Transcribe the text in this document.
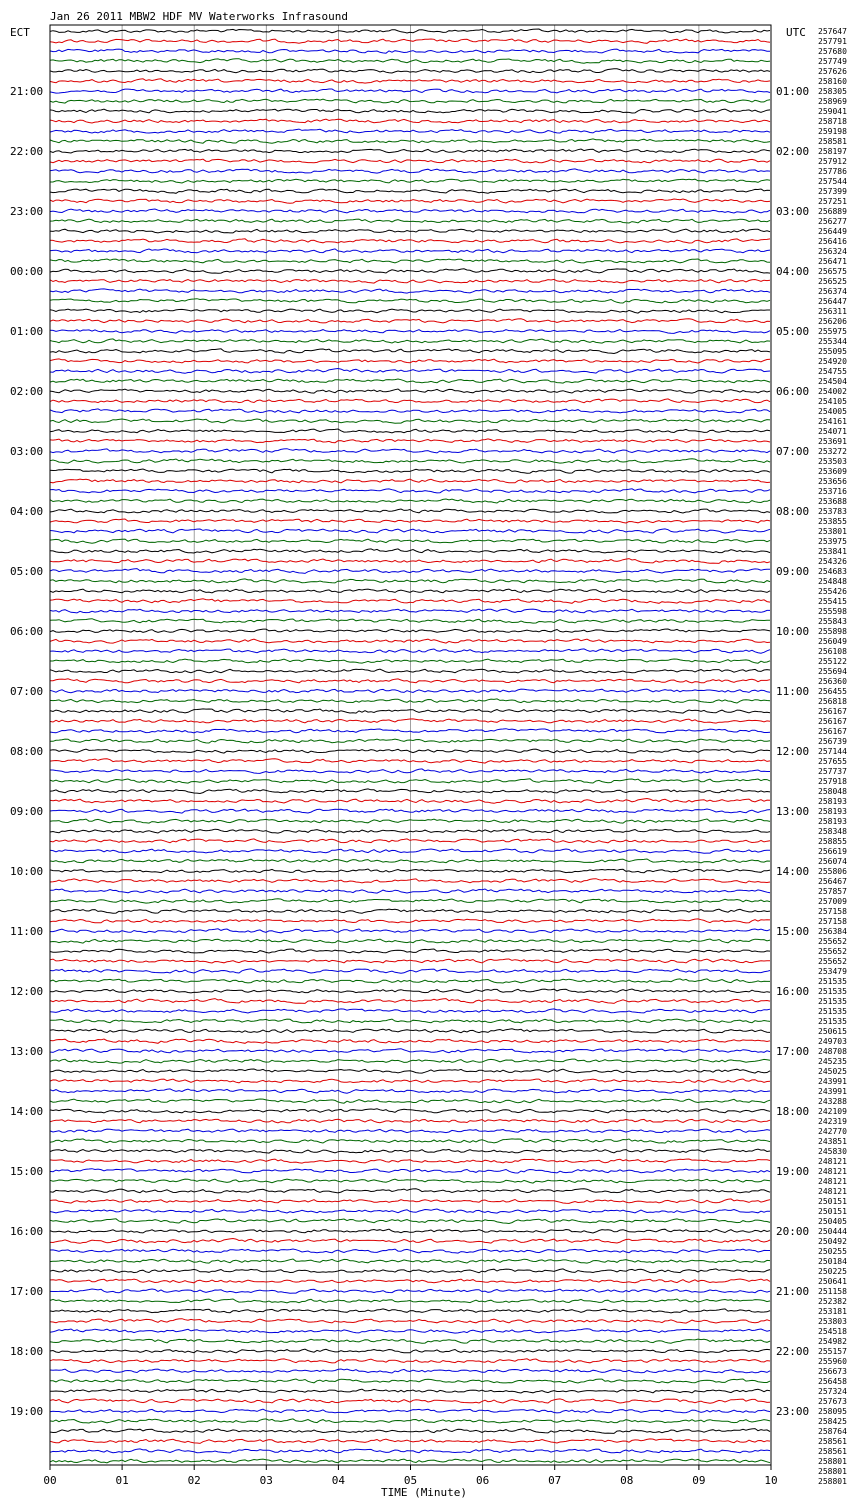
Jan 26 2011 MBW2 HDF MV Waterworks Infrasound
ECT	UTC
21:00
22:00
23:00
00:00
01:00
02:00
03:00
04:00
05:00
06:00
07:00
08:00
09:00
10:00
11:00
12:00
13:00
14:00
15:00
16:00
17:00
18:00
19:00
01:00
02:00
03:00
04:00
05:00
06:00
07:00
08:00
09:00
10:00
11:00
12:00
13:00
14:00
15:00
16:00
17:00
18:00
19:00
20:00
21:00
22:00
23:00
257647
257791
257680
257749
257626
258160
258305
258969
259041
258718
259198
258581
258197
257912
257786
257544
257399
257251
256889
256277
256449
256416
256324
256471
256575
256525
256374
256447
256311
256206
255975
255344
255095
254920
254755
254504
254002
254105
254005
254161
254071
253691
253272
253503
253609
253656
253716
253688
253783
253855
253801
253975
253841
254326
254683
254848
255426
255415
255598
255843
255898
256049
256108
255122
255694
256360
256455
256818
256167
256167
256167
256739
257144
257655
257737
257918
258048
258193
258193
258193
258348
258855
256619
256074
255806
256467
257857
257009
257158
257158
256384
255652
255652
255652
253479
251535
251535
251535
251535
251535
250615
249703
248708
245235
245025
243991
243991
243288
242109
242319
242770
243851
245830
248121
248121
248121
248121
250151
250151
250405
250444
250492
250255
250184
250225
250641
251158
252382
253181
253803
254518
254982
255157
255960
256673
256458
257324
257673
258095
258425
258764
258561
258561
258801
258801
258801
00	01	02	03	04	05	06	07	08	09	10
TIME (Minute)
